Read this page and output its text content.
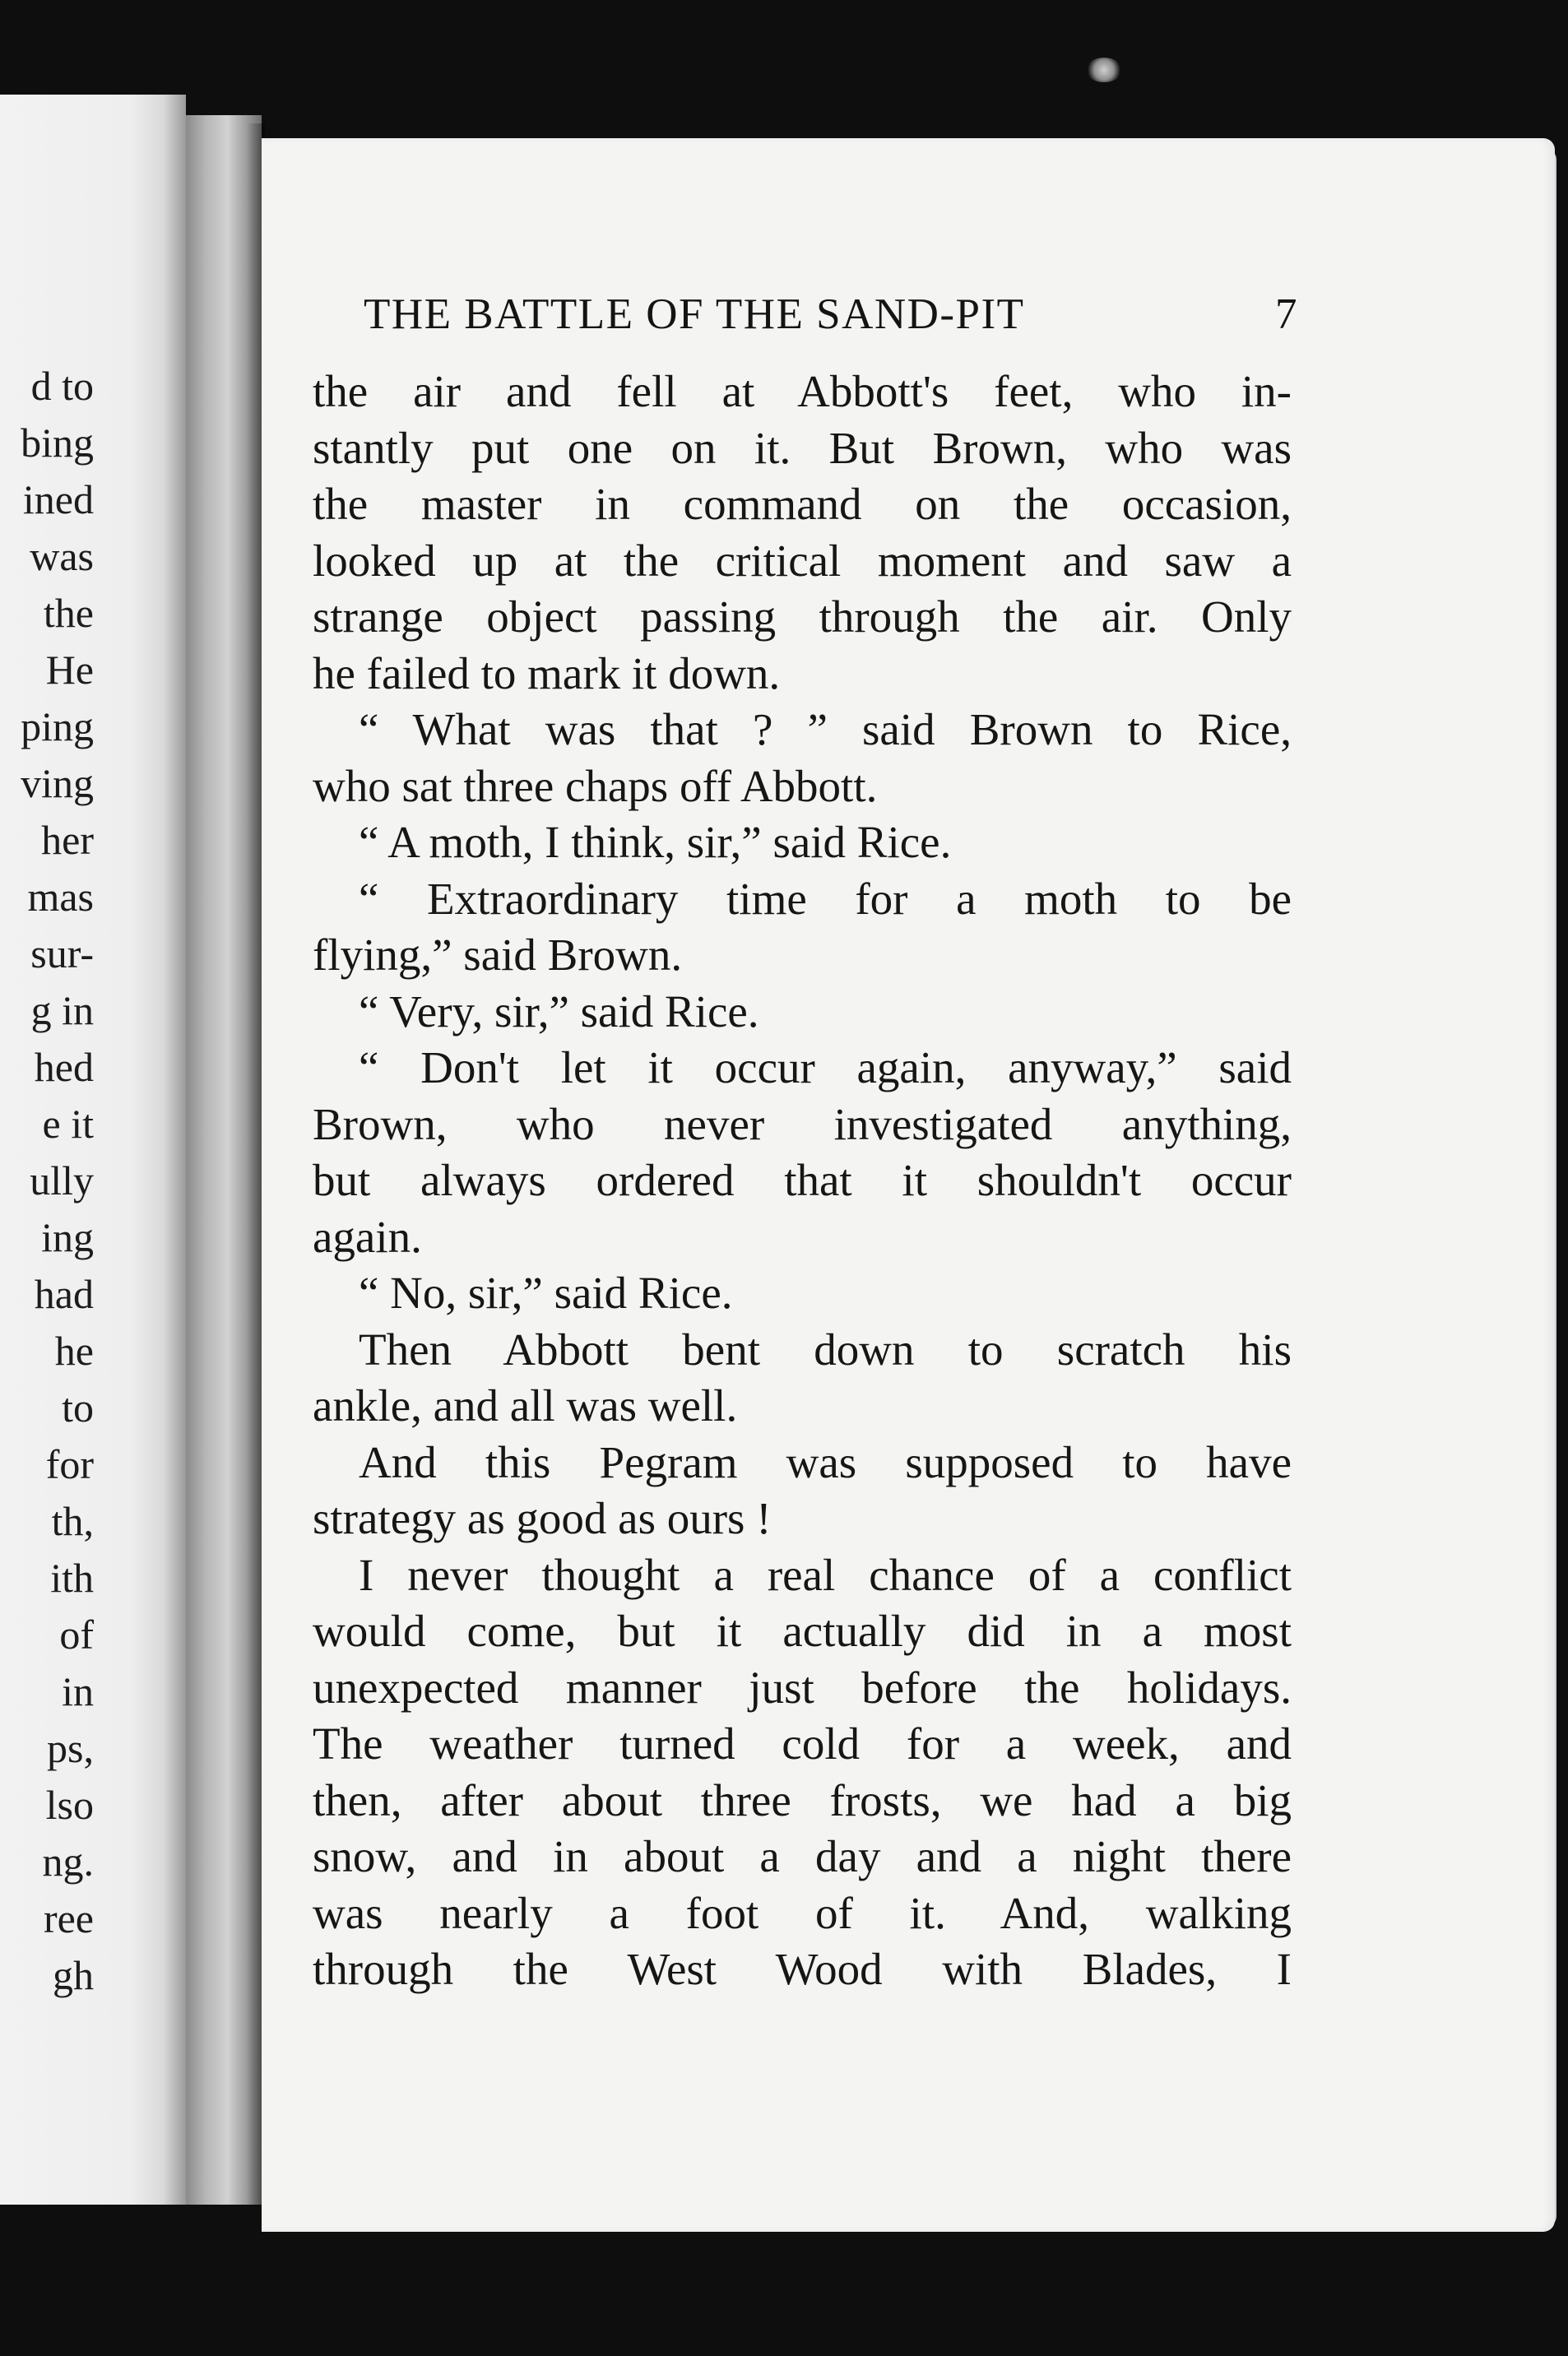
d to
bing
ined
was
the
He
ping
ving
her
mas
sur-
g in
hed
e it
ully
ing
had
he
to
for
th,
ith
of
in
ps,
lso
ng.
ree
gh
THE BATTLE OF THE SAND-PIT	7
the air and fell at Abbott's feet, who in-
stantly put one on it. But Brown, who was
the master in command on the occasion,
looked up at the critical moment and saw a
strange object passing through the air. Only
he failed to mark it down.
“ What was that ? ” said Brown to Rice,
who sat three chaps off Abbott.
“ A moth, I think, sir,” said Rice.
“ Extraordinary time for a moth to be
flying,” said Brown.
“ Very, sir,” said Rice.
“ Don't let it occur again, anyway,” said
Brown, who never investigated anything,
but always ordered that it shouldn't occur
again.
“ No, sir,” said Rice.
Then Abbott bent down to scratch his
ankle, and all was well.
And this Pegram was supposed to have
strategy as good as ours !
I never thought a real chance of a conflict
would come, but it actually did in a most
unexpected manner just before the holidays.
The weather turned cold for a week, and
then, after about three frosts, we had a big
snow, and in about a day and a night there
was nearly a foot of it. And, walking
through the West Wood with Blades, I
